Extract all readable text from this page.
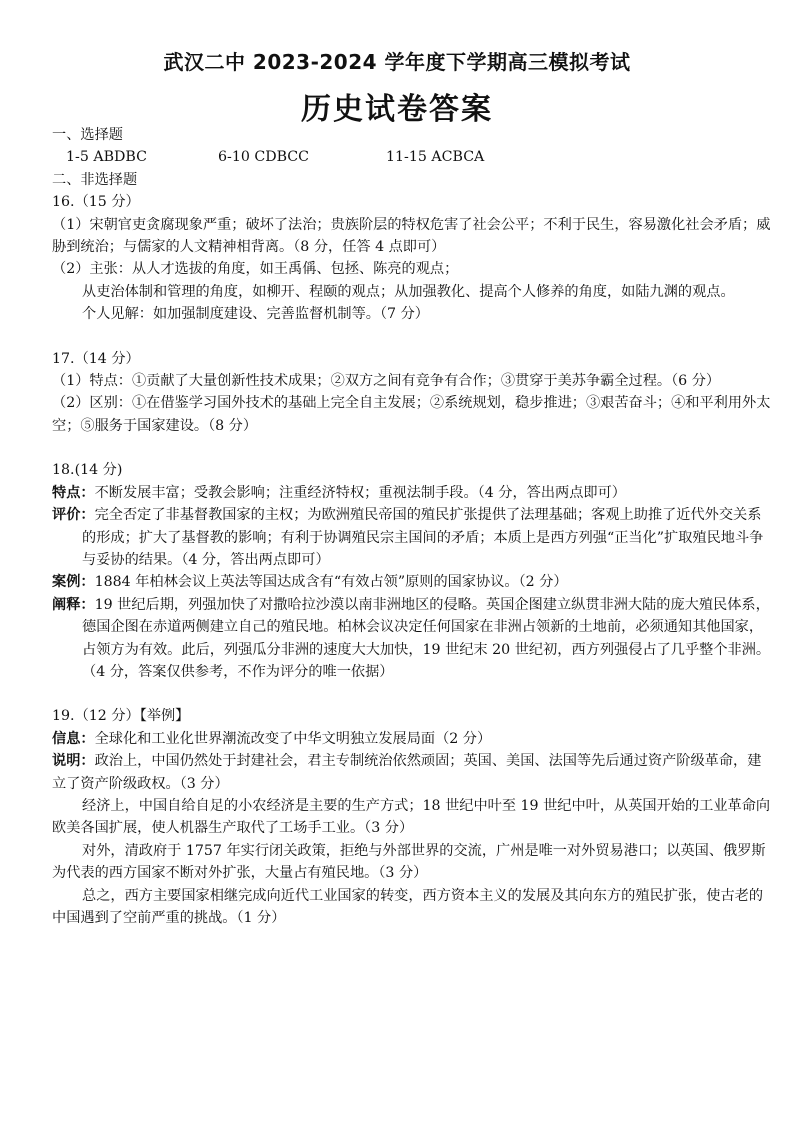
武汉二中 2023-2024 学年度下学期高三模拟考试
历史试卷答案
一、选择题
1-5 ABDBC	6-10 CDBCC	11-15 ACBCA
二、非选择题
16.（15 分）
（1）宋朝官吏贪腐现象严重；破坏了法治；贵族阶层的特权危害了社会公平；不利于民生，容易激化社会矛盾；威胁到统治；与儒家的人文精神相背离。（8 分，任答 4 点即可）
（2）主张：从人才选拔的角度，如王禹偁、包拯、陈亮的观点；
从吏治体制和管理的角度，如柳开、程颐的观点；从加强教化、提高个人修养的角度，如陆九渊的观点。
个人见解：如加强制度建设、完善监督机制等。（7 分）
17.（14 分）
（1）特点：①贡献了大量创新性技术成果；②双方之间有竞争有合作；③贯穿于美苏争霸全过程。（6 分）
（2）区别：①在借鉴学习国外技术的基础上完全自主发展；②系统规划，稳步推进；③艰苦奋斗；④和平利用外太空；⑤服务于国家建设。（8 分）
18.(14 分)
特点：不断发展丰富；受教会影响；注重经济特权；重视法制手段。（4 分，答出两点即可）
评价：完全否定了非基督教国家的主权；为欧洲殖民帝国的殖民扩张提供了法理基础；客观上助推了近代外交关系的形成；扩大了基督教的影响；有利于协调殖民宗主国间的矛盾；本质上是西方列强“正当化”扩取殖民地斗争与妥协的结果。（4 分，答出两点即可）
案例：1884 年柏林会议上英法等国达成含有“有效占领”原则的国家协议。（2 分）
阐释：19 世纪后期，列强加快了对撒哈拉沙漠以南非洲地区的侵略。英国企图建立纵贯非洲大陆的庞大殖民体系，德国企图在赤道两侧建立自己的殖民地。柏林会议决定任何国家在非洲占领新的土地前，必须通知其他国家，占领方为有效。此后，列强瓜分非洲的速度大大加快，19 世纪末 20 世纪初，西方列强侵占了几乎整个非洲。（4 分，答案仅供参考，不作为评分的唯一依据）
19.（12 分）【举例】
信息：全球化和工业化世界潮流改变了中华文明独立发展局面（2 分）
说明：政治上，中国仍然处于封建社会，君主专制统治依然顽固；英国、美国、法国等先后通过资产阶级革命，建立了资产阶级政权。（3 分）
经济上，中国自给自足的小农经济是主要的生产方式；18 世纪中叶至 19 世纪中叶，从英国开始的工业革命向欧美各国扩展，使人机器生产取代了工场手工业。（3 分）
对外，清政府于 1757 年实行闭关政策，拒绝与外部世界的交流，广州是唯一对外贸易港口；以英国、俄罗斯为代表的西方国家不断对外扩张，大量占有殖民地。（3 分）
总之，西方主要国家相继完成向近代工业国家的转变，西方资本主义的发展及其向东方的殖民扩张，使古老的中国遇到了空前严重的挑战。（1 分）
